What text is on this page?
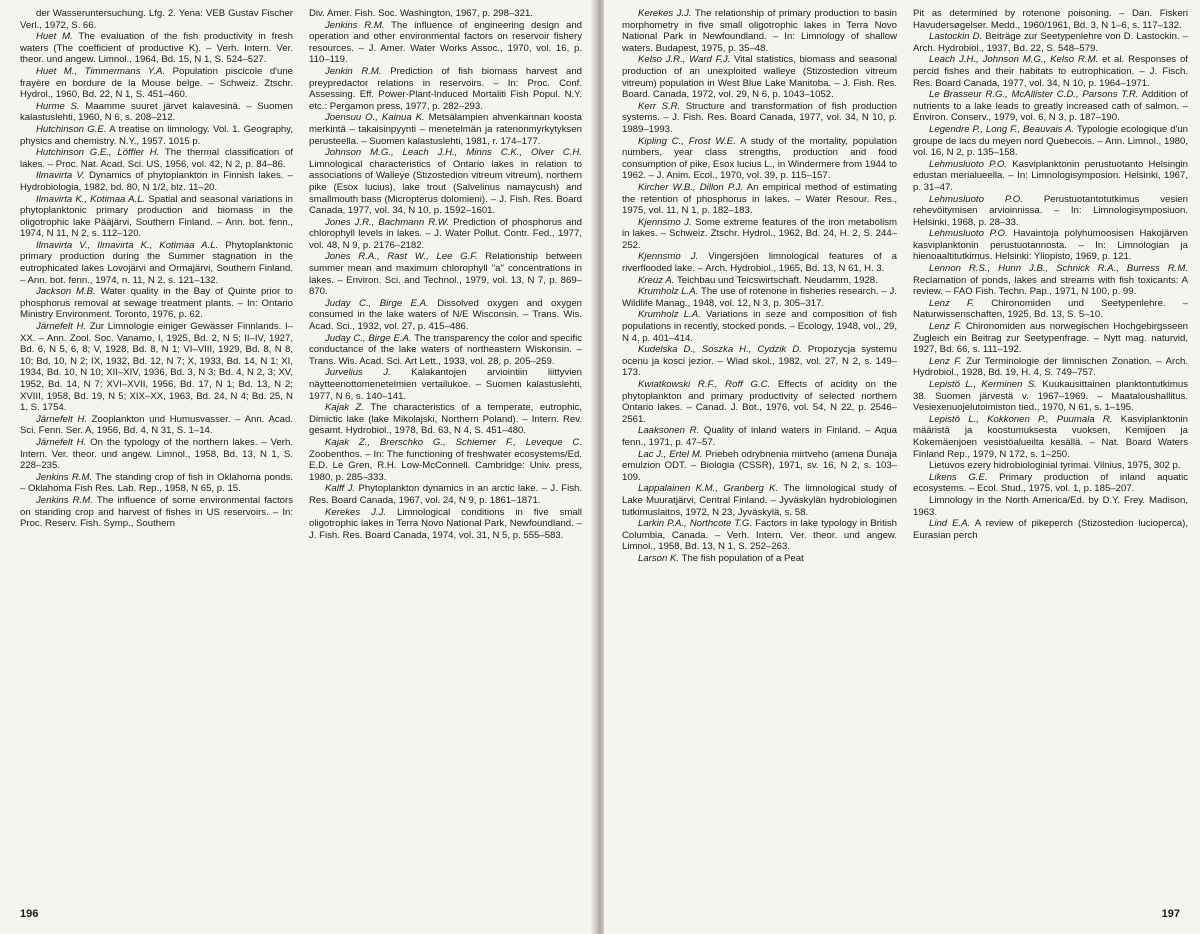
der Wasseruntersuchung. Lfg. 2. Yena: VEB Gustav Fischer Verl., 1972, S. 66.

Huet M. The evaluation of the fish productivity in fresh waters (The coefficient of productive K). – Verh. Intern. Ver. theor. und angew. Limnol., 1964, Bd. 15, N 1, S. 524–527.

Huet M., Timmermans Y.A. Population piscicole d'une frayère en bordure de la Mouse belge. – Schweiz. Ztschr. Hydrol., 1960, Bd. 22, N 1, S. 451–460.

Hurme S. Maamme suuret järvet kalavesinä. – Suomen kalastuslehti, 1960, N 6, s. 208–212.

Hutchinson G.E. A treatise on limnology. Vol. 1. Geography, physics and chemistry. N.Y., 1957. 1015 p.

Hutchinson G.E., Löffler H. The thermal classification of lakes. – Proc. Nat. Acad. Sci. US, 1956, vol. 42, N 2, p. 84–86.

Ilmavirta V. Dynamics of phytoplankton in Finnish lakes. – Hydrobiologia, 1982, bd. 80, N 1/2, blz. 11–20.

Ilmavirta K., Kotimaa A.L. Spatial and seasonal variations in phytoplanktonic primary production and biomass in the oligotrophic lake Pääjärvi, Southern Finland. – Ann. bot. fenn., 1974, N 11, N 2, s. 112–120.

Ilmavirta V., Ilmavirta K., Kotimaa A.L. Phytoplanktonic primary production during the Summer stagnation in the eutrophicated lakes Lovojärvi and Ormajärvi, Southern Finland. – Ann. bot. fenn., 1974, n. 11, N 2, s. 121–132.

Jackson M.B. Water quality in the Bay of Quinte prior to phosphorus removal at sewage treatment plants. – In: Ontario Ministry Environment. Toronto, 1976, p. 62.

Järnefelt H. Zur Limnologie einiger Gewässer Finnlands. I–XX. – Ann. Zool. Soc. Vanamo, I, 1925, Bd. 2, N 5; II–IV, 1927, Bd. 6, N 5, 6, 8; V, 1928, Bd. 8, N 1; VI–VIII, 1929, Bd. 8, N 8, 10; Bd. 10, N 2; IX, 1932, Bd. 12, N 7; X, 1933, Bd. 14, N 1; XI, 1934, Bd. 10, N 10; XII–XIV, 1936, Bd. 3, N 3; Bd. 4, N 2, 3; XV, 1952, Bd. 14, N 7; XVI–XVII, 1956, Bd. 17, N 1; Bd. 13, N 2; XVIII, 1958, Bd. 19, N 5; XIX–XX, 1963, Bd. 24, N 4; Bd. 25, N 1, S. 1754.

Järnefelt H. Zooplankton und Humusvasser. – Ann. Acad. Sci. Fenn. Ser. A, 1956, Bd. 4, N 31, S. 1–14.

Järnefelt H. On the typology of the northern lakes. – Verh. Intern. Ver. theor. und angew. Limnol., 1958, Bd. 13, N 1, S. 228–235.

Jenkins R.M. The standing crop of fish in Oklahoma ponds. – Oklahoma Fish Res. Lab. Rep., 1958, N 65, p. 15.

Jenkins R.M. The influence of some environmental factors on standing crop and harvest of fishes in US reservoirs. – In: Proc. Reserv. Fish. Symp., Southern

Div. Amer. Fish. Soc. Washington, 1967, p. 298–321.

Jenkins R.M. The influence of engineering design and operation and other environmental factors on reservoir fishery resources. – J. Amer. Water Works Assoc., 1970, vol. 16, p. 110–119.

Jenkin R.M. Prediction of fish biomass harvest and preypredactor relations in reservoirs. – In: Proc. Conf. Assessing. Eff. Power-Plant-Induced Mortaliti Fish Popul. N.Y. etc.: Pergamon press, 1977, p. 282–293.

Joensuu O., Kainua K. Metsälampien ahvenkannan koosta merkintä – takaisinpyynti – menetelmän ja ratenonmyrkytyksen perusteella. – Suomen kalastuslehti, 1981, r. 174–177.

Johnson M.G., Leach J.H., Minns C.K., Olver C.H. Limnological characteristics of Ontario lakes in relation to associations of Walleye (Stizostedion vitreum vitreum), northern pike (Esox lucius), lake trout (Salvelinus namaycush) and smallmouth bass (Micropterus dolomieni). – J. Fish. Res. Board Canada, 1977, vol. 34, N 10, p. 1592–1601.

Jones J.R., Bachmann R.W. Prediction of phosphorus and chlorophyll levels in lakes. – J. Water Pollut. Contr. Fed., 1977, vol. 48, N 9, p. 2176–2182.

Jones R.A., Rast W., Lee G.F. Relationship between summer mean and maximum chlorophyll "a" concentrations in lakes. – Environ. Sci. and Technol., 1979, vol. 13, N 7, p. 869–870.

Juday C., Birge E.A. Dissolved oxygen and oxygen consumed in the lake waters of N/E Wisconsin. – Trans. Wis. Acad. Sci., 1932, vol. 27, p. 415–486.

Juday C., Birge E.A. The transparency the color and specific conductance of the lake waters of northeastern Wiskonsin. – Trans. Wis. Acad. Sci. Art Lett., 1933, vol. 28, p. 205–259.

Jurvelius J. Kalakantojen arviointiin liittyvien näytteenottomenetelmien vertailukoe. – Suomen kalastuslehti, 1977, N 6, s. 140–141.

Kajak Z. The characteristics of a temperate, eutrophic, Dimictic lake (lake Mikolajski, Northern Poland). – Intern. Rev. gesamt. Hydrobiol., 1978, Bd. 63, N 4, S. 451–480.

Kajak Z., Brerschko G., Schiemer F., Leveque C. Zoobenthos. – In: The functioning of freshwater ecosystems/Ed. E.D. Le Gren, R.H. Low-McConnell. Cambridge: Univ. press, 1980, p. 285–333.

Kalff J. Phytoplankton dynamics in an arctic lake. – J. Fish. Res. Board Canada, 1967, vol. 24, N 9, p. 1861–1871.

Kerekes J.J. Limnological conditions in five small oligotrophic lakes in Terra Novo National Park, Newfoundland. – J. Fish. Res. Board Canada, 1974, vol. 31, N 5, p. 555–583.

196

Kerekes J.J. The relationship of primary production to basin morphometry in five small oligotrophic lakes in Terra Novo National Park in Newfoundland. – In: Limnology of shallow waters. Budapest, 1975, p. 35–48.

Kelso J.R., Ward F.J. Vital statistics, biomass and seasonal production of an unexploited walleye (Stizostedion vitreum vitreum) population in West Blue Lake Manitoba. – J. Fish. Res. Board. Canada, 1972, vol. 29, N 6, p. 1043–1052.

Kerr S.R. Structure and transformation of fish production systems. – J. Fish. Res. Board Canada, 1977, vol. 34, N 10, p. 1989–1993.

Kipling C., Frost W.E. A study of the mortality, population numbers, year class strengths, production and food consumption of pike, Esox lucius L., in Windermere from 1944 to 1962. – J. Anim. Ecol., 1970, vol. 39, p. 115–157.

Kircher W.B., Dillon P.J. An empirical method of estimating the retention of phosphorus in lakes. – Water Resour. Res., 1975, vol. 11, N 1, p. 182–183.

Kjennsmo J. Some extreme features of the iron metabolism in lakes. – Schweiz. Ztschr. Hydrol., 1962, Bd. 24, H. 2, S. 244–252.

Kjennsmo J. Vingersjöen limnological features of a riverflooded lake. – Arch. Hydrobiol., 1965, Bd. 13, N 61, H. 3.

Kreuz A. Teichbau und Teicswirtschaft. Neudamm, 1928.

Krumholz L.A. The use of rotenone in fisheries research. – J. Wildlife Manag., 1948, vol. 12, N 3, p. 305–317.

Krumholz L.A. Variations in seze and composition of fish populations in recently, stocked ponds. – Ecology, 1948, vol., 29, N 4, p. 401–414.

Kudelska D., Soszka H., Cydzik D. Propozycja systemu ocenu ja kosci jezior. – Wiad skol., 1982, vol. 27, N 2, s. 149–173.

Kwiatkowski R.F., Roff G.C. Effects of acidity on the phytoplankton and primary productivity of selected northern Ontario lakes. – Canad. J. Bot., 1976, vol. 54, N 22, p. 2546–2561.

Laaksonen R. Quality of inland waters in Finland. – Aqua fenn., 1971, p. 47–57.

Lac J., Ertel M. Priebeh odrybnenia mirtveho (amena Dunaja emulzion ODT. – Biologia (CSSR), 1971, sv. 16, N 2, s. 103–109.

Lappalainen K.M., Granberg K. The limnological study of Lake Muuratjärvi, Central Finland. – Jyväskylän hydrobiologinen tutkimuslaitos, 1972, N 23, Jyväskylä, s. 58.

Larkin P.A., Northcote T.G. Factors in lake typology in British Columbia, Canada. – Verh. Intern. Ver. theor. und angew. Limnol., 1958, Bd. 13, N 1, S. 252–263.

Larson K. The fish population of a Peat

Pit as determined by rotenone poisoning. – Dan. Fiskeri Havudersøgelser. Medd., 1960/1961, Bd. 3, N 1–6, s. 117–132.

Lastockin D. Beiträge zur Seetypenlehre von D. Lastockin. – Arch. Hydrobiol., 1937, Bd. 22, S. 548–579.

Leach J.H., Johnson M.G., Kelso R.M. et al. Responses of percid fishes and their habitats to eutrophication. – J. Fisch. Res. Board Canada, 1977, vol. 34, N 10, p. 1964–1971.

Le Brasseur R.G., McAllister C.D., Parsons T.R. Addition of nutrients to a lake leads to greatly increased cath of salmon. – Environ. Conserv., 1979, vol. 6, N 3, p. 187–190.

Legendre P., Long F., Beauvais A. Typologie ecologique d'un groupe de lacs du meyen nord Quebecois. – Ann. Limnol., 1980, vol. 16, N 2, p. 135–158.

Lehmusluoto P.O. Kasviplanktonin perustuotanto Helsingin edustan merialueella. – In: Limnologisymposion. Helsinki, 1967, p. 31–47.

Lehmusluoto P.O. Perustuotantotutkimus vesien rehevöitymisen arvioinnissa. – In: Limnologisymposiuon. Helsinki, 1968, p. 28–33.

Lehmusluoto P.O. Havaintoja polyhumoosisen Hakojärven kasviplanktonin perustuotannosta. – In: Limnologian ja hienoaaltitutkimus. Helsinki: Yliopisto, 1969, p. 121.

Lennon R.S., Hunn J.B., Schnick R.A., Burress R.M. Reclamation of ponds, lakes and streams with fish toxicants: A review. – FAO Fish. Techn. Pap., 1971, N 100, p. 99.

Lenz F. Chironomiden und Seetypenlehre. – Naturwissenschaften, 1925, Bd. 13, S. 5–10.

Lenz F. Chironomiden aus norwegischen Hochgebirgsseen Zugleich ein Beitrag zur Seetypenfrage. – Nytt mag. naturvid, 1927, Bd. 66, s. 111–192.

Lenz F. Zur Terminologie der limnischen Zonation. – Arch. Hydrobiol., 1928, Bd. 19, H. 4, S. 749–757.

Lepistö L., Kerminen S. Kuukausittainen planktontutkimus 38. Suomen järvestä v. 1967–1969. – Maataloushallitus. Vesiexenuojelutoimiston tied., 1970, N 61, s. 1–195.

Lepistö L., Kokkonen P., Puumala R. Kasviplanktonin määristä ja koostumuksesta vuoksen, Kemijoen ja Kokemäenjoen vesistöalueilta kesällä. – Nat. Board Waters Finland Rep., 1979, N 172, s. 1–250.

Lietuvos ezery hidrobiologinial tyrimai. Vilnius, 1975, 302 p.

Likens G.E. Primary production of inland aquatic ecosystems. – Ecol. Stud., 1975, vol. 1, p. 185–207.

Limnology in the North America/Ed. by D.Y. Frey. Madison, 1963.

Lind E.A. A review of pikeperch (Stizostedion lucioperca), Eurasian perch

197
